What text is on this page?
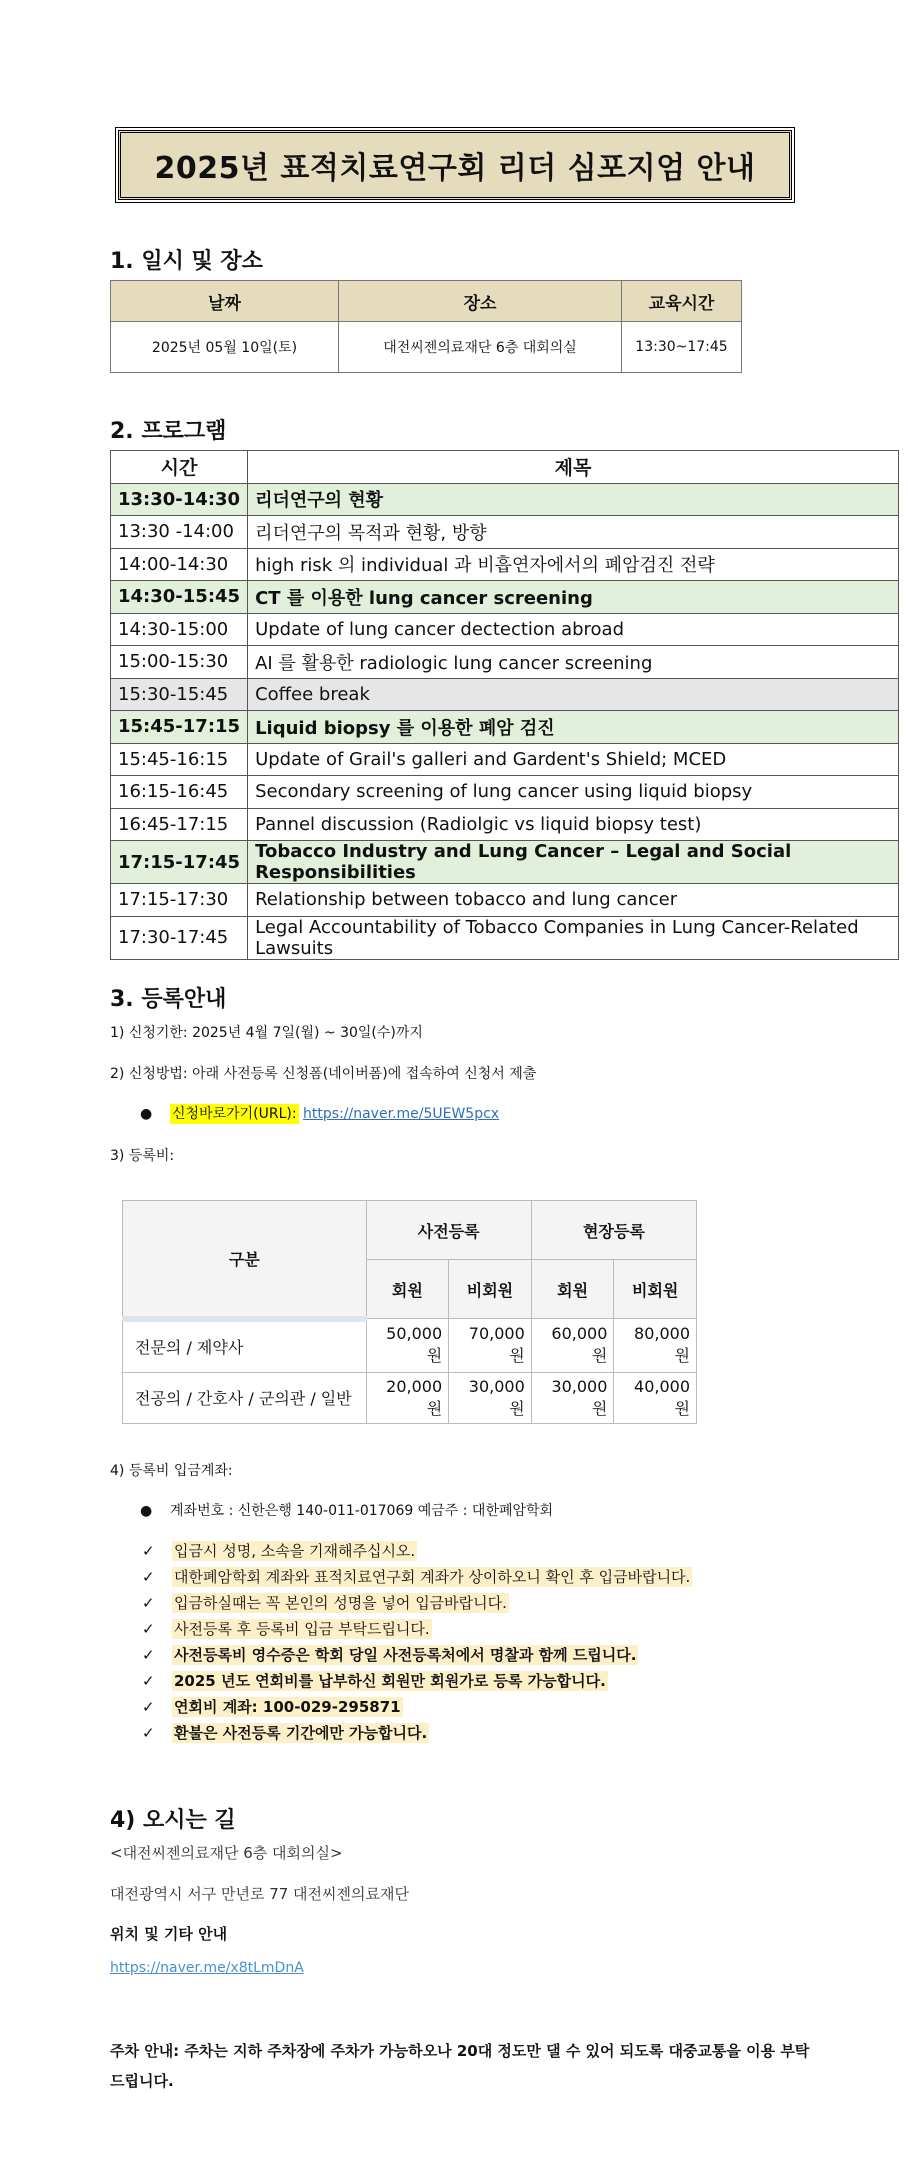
2025년 표적치료연구회 리더 심포지엄 안내
1. 일시 및 장소
날짜	장소	교육시간
2025년 05월 10일(토)	대전씨젠의료재단 6층 대회의실	13:30~17:45
2. 프로그램
시간	제목
13:30-14:30	리더연구의 현황
13:30 -14:00	리더연구의 목적과 현황, 방향
14:00-14:30	high risk 의 individual 과 비흡연자에서의 폐암검진 전략
14:30-15:45	CT 를 이용한 lung cancer screening
14:30-15:00	Update of lung cancer dectection abroad
15:00-15:30	AI 를 활용한 radiologic lung cancer screening
15:30-15:45	Coffee break
15:45-17:15	Liquid biopsy 를 이용한 폐암 검진
15:45-16:15	Update of Grail's galleri and Gardent's Shield; MCED
16:15-16:45	Secondary screening of lung cancer using liquid biopsy
16:45-17:15	Pannel discussion (Radiolgic vs liquid biopsy test)
17:15-17:45	Tobacco Industry and Lung Cancer – Legal and Social Responsibilities
17:15-17:30	Relationship between tobacco and lung cancer
17:30-17:45	Legal Accountability of Tobacco Companies in Lung Cancer-Related Lawsuits
3. 등록안내
1) 신청기한: 2025년 4월 7일(월) ~ 30일(수)까지
2) 신청방법: 아래 사전등록 신청폼(네이버폼)에 접속하여 신청서 제출
●    신청바로가기(URL): https://naver.me/5UEW5pcx
3) 등록비:
구분	사전등록		현장등록	
	회원	비회원	회원	비회원
전문의 / 제약사	50,000 원	70,000 원	60,000 원	80,000 원
전공의 / 간호사 / 군의관 / 일반	20,000 원	30,000 원	30,000 원	40,000 원
4) 등록비 입금계좌:
●    계좌번호 : 신한은행 140-011-017069 예금주 : 대한폐암학회
✓ 입금시 성명, 소속을 기재해주십시오.
✓ 대한폐암학회 계좌와 표적치료연구회 계좌가 상이하오니 확인 후 입금바랍니다.
✓ 입금하실때는 꼭 본인의 성명을 넣어 입금바랍니다.
✓ 사전등록 후 등록비 입금 부탁드립니다.
✓ 사전등록비 영수증은 학회 당일 사전등록처에서 명찰과 함께 드립니다.
✓ 2025 년도 연회비를 납부하신 회원만 회원가로 등록 가능합니다.
✓ 연회비 계좌: 100-029-295871
✓ 환불은 사전등록 기간에만 가능합니다.
4) 오시는 길
<대전씨젠의료재단 6층 대회의실>
대전광역시 서구 만년로 77 대전씨젠의료재단
위치 및 기타 안내
https://naver.me/x8tLmDnA
주차 안내: 주차는 지하 주차장에 주차가 가능하오나 20대 정도만 댈 수 있어 되도록 대중교통을 이용 부탁드립니다.
